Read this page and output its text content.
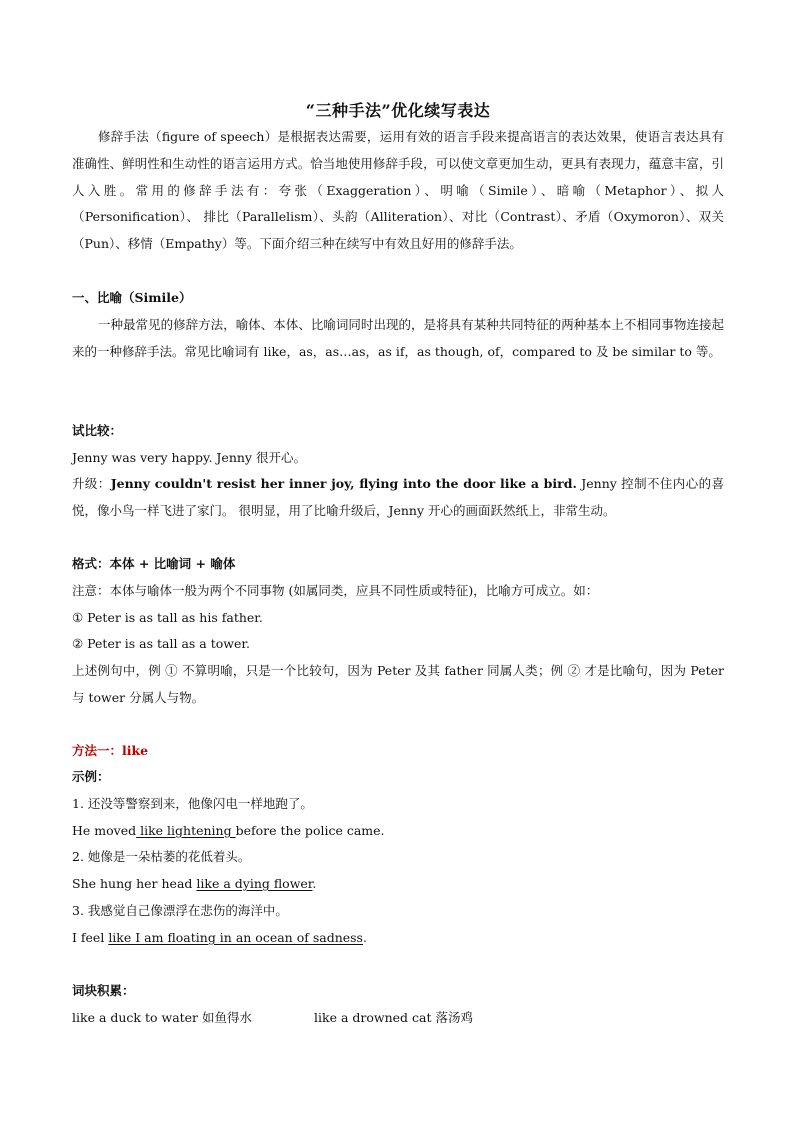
“三种手法”优化续写表达

修辞手法（figure of speech）是根据表达需要，运用有效的语言手段来提高语言的表达效果，使语言表达具有准确性、鲜明性和生动性的语言运用方式。恰当地使用修辞手段，可以使文章更加生动，更具有表现力，蕴意丰富，引人入胜。常用的修辞手法有：夸张（Exaggeration）、明喻（Simile）、暗喻（Metaphor）、拟人（Personification）、 排比（Parallelism）、头韵（Alliteration）、对比（Contrast）、矛盾（Oxymoron）、双关（Pun）、移情（Empathy）等。下面介绍三种在续写中有效且好用的修辞手法。

一、比喻（Simile）

一种最常见的修辞方法，喻体、本体、比喻词同时出现的，是将具有某种共同特征的两种基本上不相同事物连接起来的一种修辞手法。常见比喻词有 like，as，as…as，as if，as though, of，compared to 及 be similar to 等。

试比较：
Jenny was very happy. Jenny 很开心。

升级：Jenny couldn't resist her inner joy, flying into the door like a bird. Jenny 控制不住内心的喜悦，像小鸟一样飞进了家门。 很明显，用了比喻升级后，Jenny 开心的画面跃然纸上，非常生动。

格式：本体 + 比喻词 + 喻体
注意：本体与喻体一般为两个不同事物 (如属同类，应具不同性质或特征)，比喻方可成立。如：
① Peter is as tall as his father.
② Peter is as tall as a tower.

上述例句中，例 ① 不算明喻，只是一个比较句，因为 Peter 及其 father 同属人类；例 ② 才是比喻句，因为 Peter 与 tower 分属人与物。

方法一：like
示例：
1. 还没等警察到来，他像闪电一样地跑了。
He moved like lightening before the police came.
2. 她像是一朵枯萎的花低着头。
She hung her head like a dying flower.
3. 我感觉自己像漂浮在悲伤的海洋中。
I feel like I am floating in an ocean of sadness.
词块积累：
like a duck to water 如鱼得水	like a drowned cat 落汤鸡
